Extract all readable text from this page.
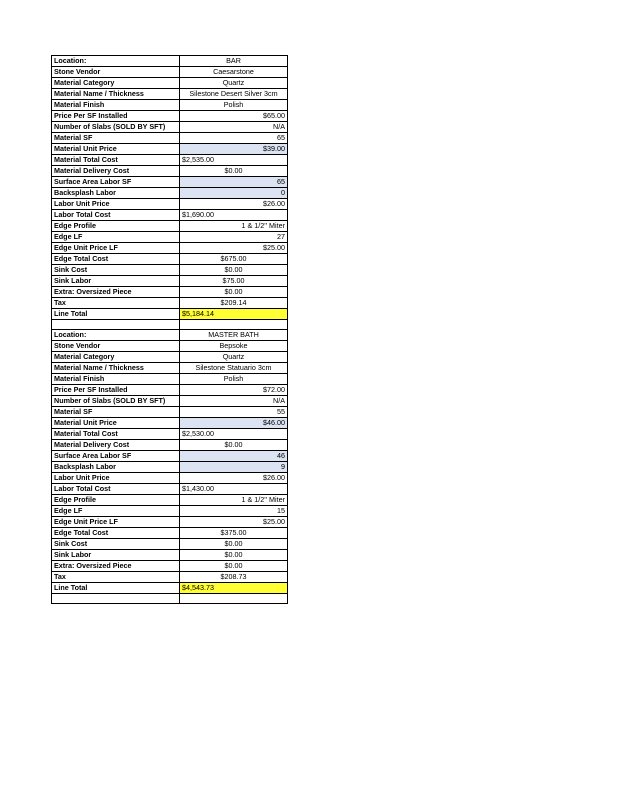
Location:	BAR
Stone Vendor	Caesarstone
Material Category	Quartz
Material Name / Thickness	Silestone Desert Silver 3cm
Material Finish	Polish
Price Per SF Installed	$65.00
Number of Slabs (SOLD BY SFT)	N/A
Material SF	65
Material Unit Price	$39.00
Material Total Cost	$2,535.00
Material Delivery Cost	$0.00
Surface Area Labor SF	65
Backsplash Labor	0
Labor Unit Price	$26.00
Labor Total Cost	$1,690.00
Edge Profile	1 & 1/2'' Miter
Edge LF	27
Edge Unit Price LF	$25.00
Edge Total Cost	$675.00
Sink Cost	$0.00
Sink Labor	$75.00
Extra: Oversized Piece	$0.00
Tax	$209.14
Line Total	$5,184.14

Location:	MASTER BATH
Stone Vendor	Bepsoke
Material Category	Quartz
Material Name / Thickness	Silestone Statuario 3cm
Material Finish	Polish
Price Per SF Installed	$72.00
Number of Slabs (SOLD BY SFT)	N/A
Material SF	55
Material Unit Price	$46.00
Material Total Cost	$2,530.00
Material Delivery Cost	$0.00
Surface Area Labor SF	46
Backsplash Labor	9
Labor Unit Price	$26.00
Labor Total Cost	$1,430.00
Edge Profile	1 & 1/2'' Miter
Edge LF	15
Edge Unit Price LF	$25.00
Edge Total Cost	$375.00
Sink Cost	$0.00
Sink Labor	$0.00
Extra: Oversized Piece	$0.00
Tax	$208.73
Line Total	$4,543.73
